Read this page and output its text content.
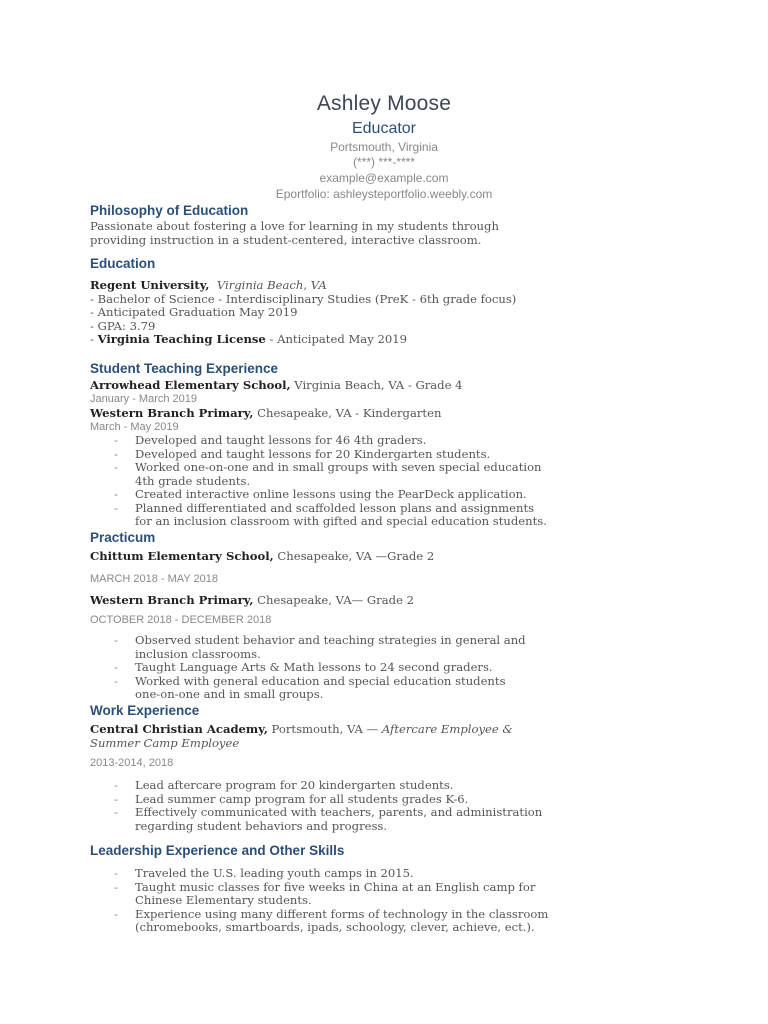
Ashley Moose
Educator
Portsmouth, Virginia
(***) ***-****
example@example.com
Eportfolio: ashleysteportfolio.weebly.com
Philosophy of Education
Passionate about fostering a love for learning in my students through providing instruction in a student-centered, interactive classroom.
Education
Regent University, Virginia Beach, VA
- Bachelor of Science - Interdisciplinary Studies (PreK - 6th grade focus)
- Anticipated Graduation May 2019
- GPA: 3.79
- Virginia Teaching License - Anticipated May 2019
Student Teaching Experience
Arrowhead Elementary School, Virginia Beach, VA - Grade 4
January - March 2019
Western Branch Primary, Chesapeake, VA - Kindergarten
March - May 2019
- Developed and taught lessons for 46 4th graders.
- Developed and taught lessons for 20 Kindergarten students.
- Worked one-on-one and in small groups with seven special education 4th grade students.
- Created interactive online lessons using the PearDeck application.
- Planned differentiated and scaffolded lesson plans and assignments for an inclusion classroom with gifted and special education students.
Practicum
Chittum Elementary School, Chesapeake, VA —Grade 2
MARCH 2018 - MAY 2018
Western Branch Primary, Chesapeake, VA— Grade 2
OCTOBER 2018 - DECEMBER 2018
- Observed student behavior and teaching strategies in general and inclusion classrooms.
- Taught Language Arts & Math lessons to 24 second graders.
- Worked with general education and special education students one-on-one and in small groups.
Work Experience
Central Christian Academy, Portsmouth, VA — Aftercare Employee & Summer Camp Employee
2013-2014, 2018
- Lead aftercare program for 20 kindergarten students.
- Lead summer camp program for all students grades K-6.
- Effectively communicated with teachers, parents, and administration regarding student behaviors and progress.
Leadership Experience and Other Skills
- Traveled the U.S. leading youth camps in 2015.
- Taught music classes for five weeks in China at an English camp for Chinese Elementary students.
- Experience using many different forms of technology in the classroom (chromebooks, smartboards, ipads, schoology, clever, achieve, ect.).
